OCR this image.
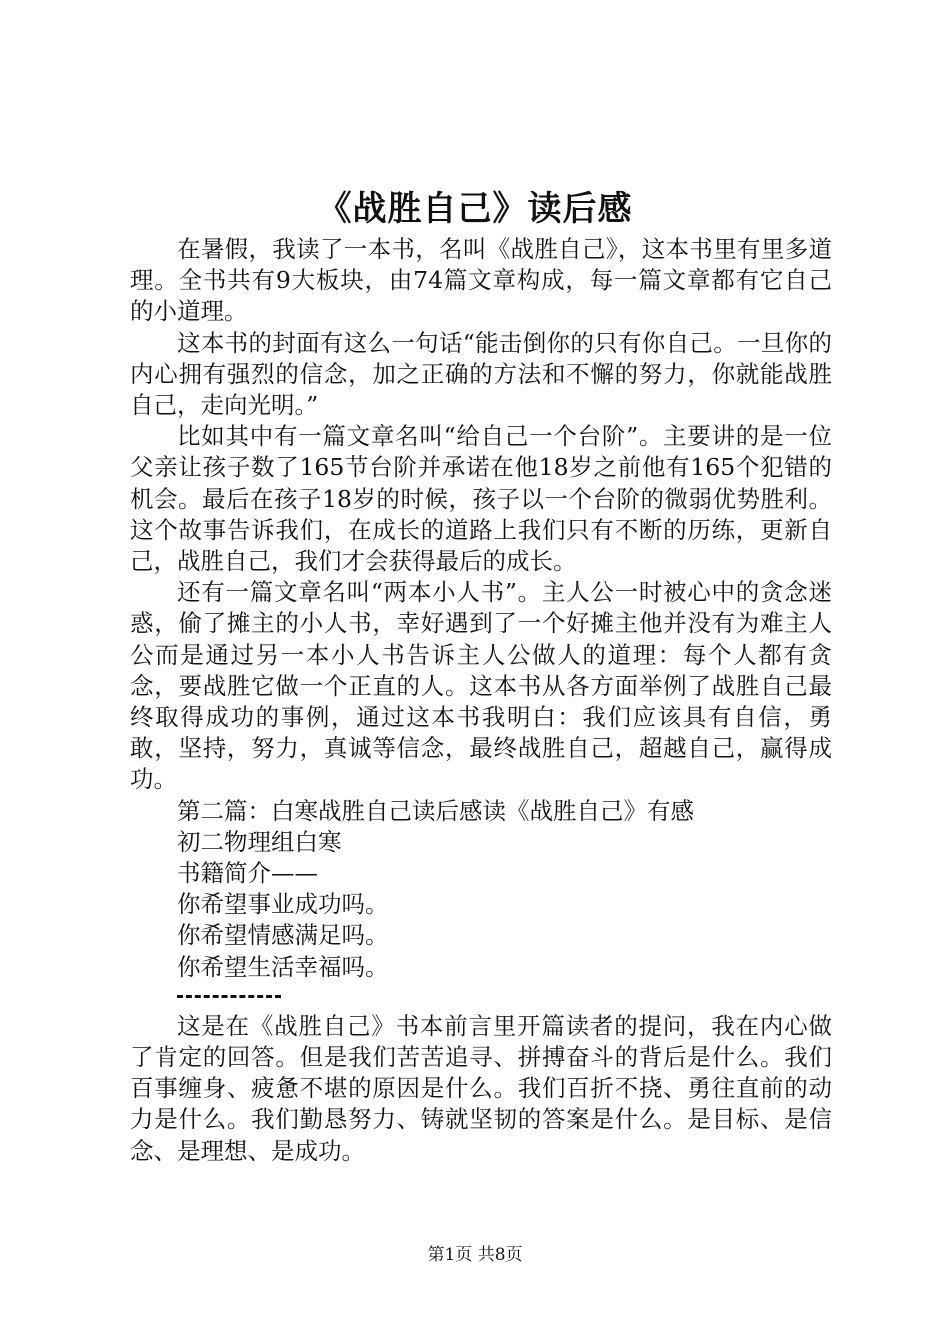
《战胜自己》读后感

在暑假，我读了一本书，名叫《战胜自己》，这本书里有里多道理。全书共有9大板块，由74篇文章构成，每一篇文章都有它自己的小道理。

这本书的封面有这么一句话“能击倒你的只有你自己。一旦你的内心拥有强烈的信念，加之正确的方法和不懈的努力，你就能战胜自己，走向光明。”

比如其中有一篇文章名叫“给自己一个台阶”。主要讲的是一位父亲让孩子数了165节台阶并承诺在他18岁之前他有165个犯错的机会。最后在孩子18岁的时候，孩子以一个台阶的微弱优势胜利。这个故事告诉我们，在成长的道路上我们只有不断的历练，更新自己，战胜自己，我们才会获得最后的成长。

还有一篇文章名叫“两本小人书”。主人公一时被心中的贪念迷惑，偷了摊主的小人书，幸好遇到了一个好摊主他并没有为难主人公而是通过另一本小人书告诉主人公做人的道理：每个人都有贪念，要战胜它做一个正直的人。这本书从各方面举例了战胜自己最终取得成功的事例，通过这本书我明白：我们应该具有自信，勇敢，坚持，努力，真诚等信念，最终战胜自己，超越自己，赢得成功。

第二篇：白寒战胜自己读后感读《战胜自己》有感

初二物理组白寒

书籍简介——

你希望事业成功吗。

你希望情感满足吗。

你希望生活幸福吗。

这是在《战胜自己》书本前言里开篇读者的提问，我在内心做了肯定的回答。但是我们苦苦追寻、拼搏奋斗的背后是什么。我们百事缠身、疲惫不堪的原因是什么。我们百折不挠、勇往直前的动力是什么。我们勤恳努力、铸就坚韧的答案是什么。是目标、是信念、是理想、是成功。

第1页 共8页
